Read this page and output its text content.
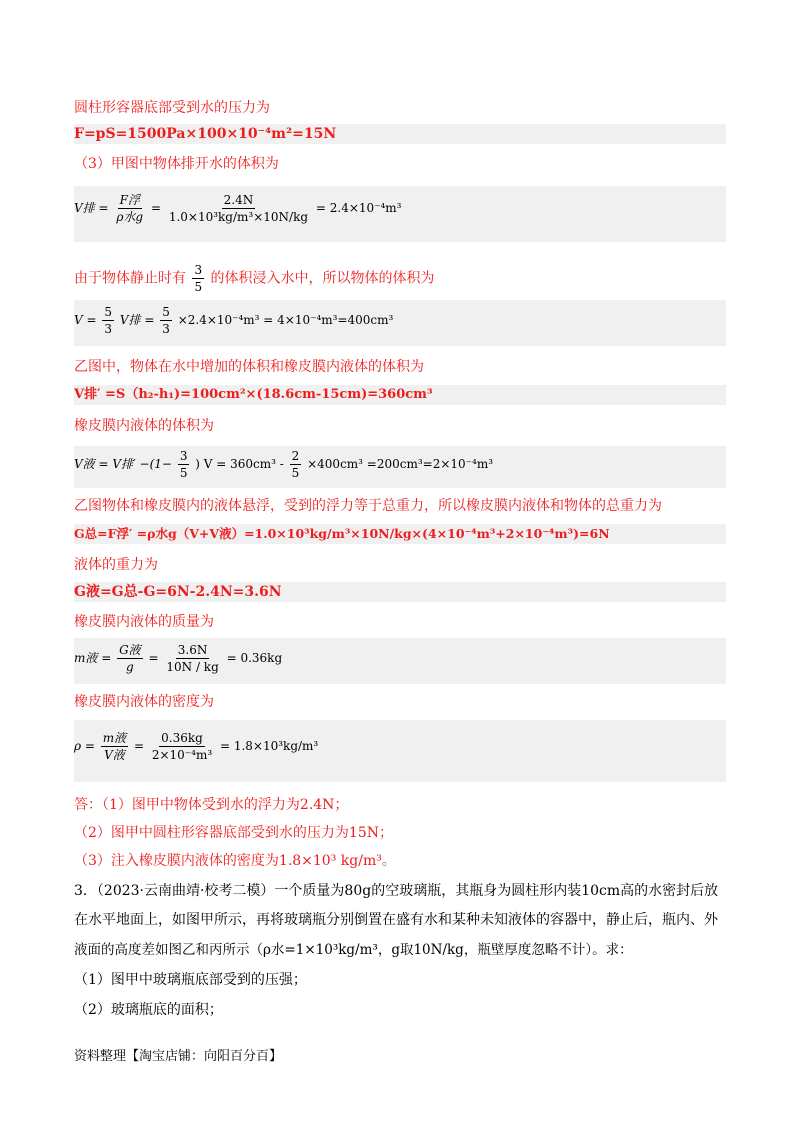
圆柱形容器底部受到水的压力为
F=pS=1500Pa×100×10⁻⁴m²=15N
（3）甲图中物体排开水的体积为
V排 = $\frac{\text{F浮}}{\text{ρ水g}} = \frac{2.4N}{\text{1.0×10³kg/m³×10N/kg}} = 2.4\times 10^{-4}m^3$
由于物体静止时有 $\frac{3}{5}$ 的体积浸入水中，所以物体的体积为
$V = \frac{5}{3}$ V排 = $\frac{5}{3} \times 2.4\times 10^{-4}m^3 = 4\times 10^{-4}m^3=400cm^3$
乙图中，物体在水中增加的体积和橡皮膜内液体的体积为
V排′ =S（h₂-h₁)=100cm²×(18.6cm-15cm)=360cm³
橡皮膜内液体的体积为
V液 = V排′ $-(1- \frac{3}{5}$ ) $V = 360cm^3 - \frac{2}{5} \times 400cm^3 =200cm^3=2\times 10^{-4}m^3$
乙图物体和橡皮膜内的液体悬浮，受到的浮力等于总重力，所以橡皮膜内液体和物体的总重力为
G总=F浮′ =ρ水g（V+V液）=1.0×10³kg/m³×10N/kg×(4×10⁻⁴m³+2×10⁻⁴m³)=6N
液体的重力为
G液=G总-G=6N-2.4N=3.6N
橡皮膜内液体的质量为
m液 = $\frac{\text{G液}}{g} = \frac{3.6N}{10N / kg} = 0.36kg$
橡皮膜内液体的密度为
$\rho = \frac{\text{m液}}{\text{V液}} = \frac{0.36kg}{\text{2×10⁻⁴m³}} = 1.8\times 10^3kg/m^3$
答：（1）图甲中物体受到水的浮力为2.4N；
（2）图甲中圆柱形容器底部受到水的压力为15N；
（3）注入橡皮膜内液体的密度为1.8×10³ kg/m³。
3．（2023·云南曲靖·校考二模）一个质量为80g的空玻璃瓶，其瓶身为圆柱形内装10cm高的水密封后放
在水平地面上，如图甲所示，再将玻璃瓶分别倒置在盛有水和某种未知液体的容器中，静止后，瓶内、外
液面的高度差如图乙和丙所示（ρ水=1×10³kg/m³，g取10N/kg，瓶壁厚度忽略不计）。求：
（1）图甲中玻璃瓶底部受到的压强；
（2）玻璃瓶底的面积；
资料整理【淘宝店铺：向阳百分百】
